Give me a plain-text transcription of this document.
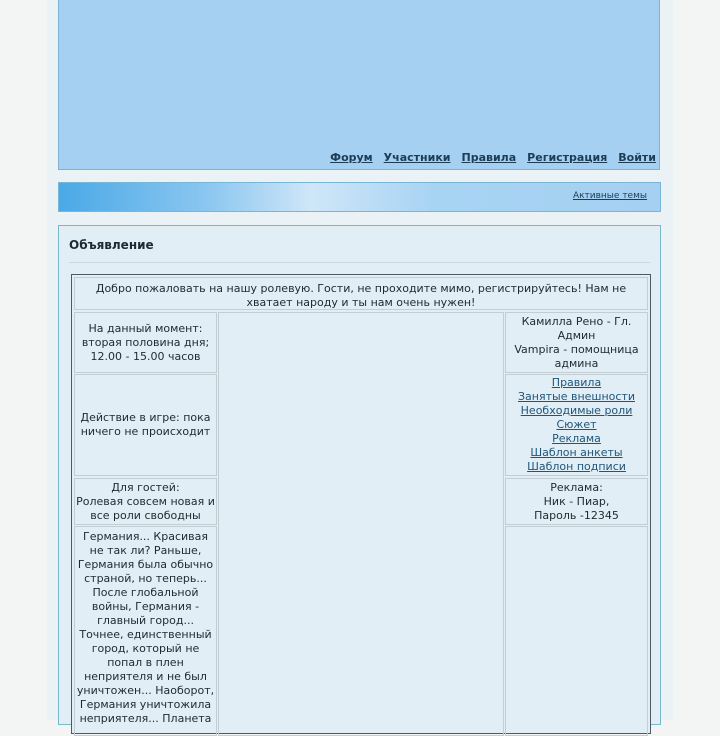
Форум Участники Правила Регистрация Войти
Активные темы
Объявление
Добро пожаловать на нашу ролевую. Гости, не проходите мимо, регистрируйтесь! Нам не хватает народу и ты нам очень нужен!
На данный момент:
вторая половина дня;
12.00 - 15.00 часов
Действие в игре: пока
ничего не происходит
Для гостей:
Ролевая совсем новая и
все роли свободны
Германия... Красивая
не так ли? Раньше,
Германия была обычно
страной, но теперь...
После глобальной
войны, Германия -
главный город...
Точнее, единственный
город, который не
попал в плен
неприятеля и не был
уничтожен... Наоборот,
Германия уничтожила
неприятеля... Планета
Камилла Рено - Гл.
Админ
Vampira - помощница
админа
Правила
Занятые внешности
Необходимые роли
Сюжет
Реклама
Шаблон анкеты
Шаблон подписи
Реклама:
Ник - Пиар,
Пароль -12345
